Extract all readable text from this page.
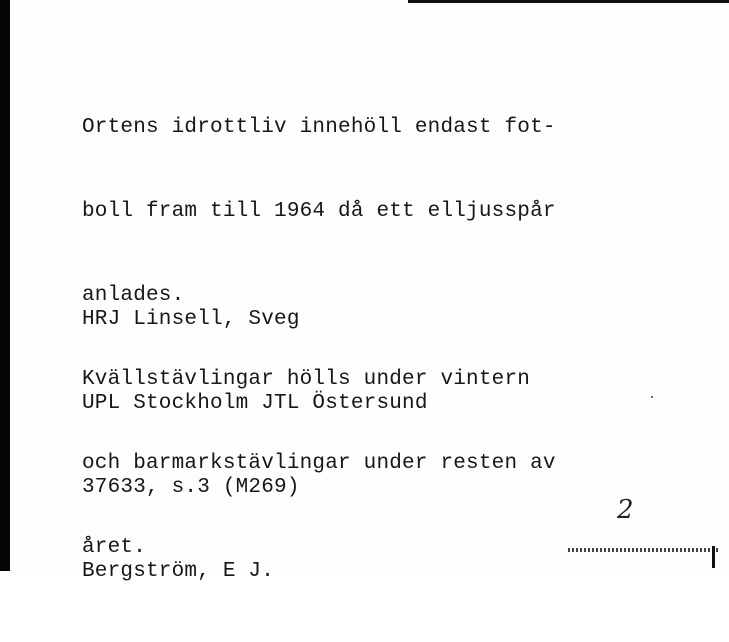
Ortens idrottliv innehöll endast fot-

boll fram till 1964 då ett elljusspår

anlades.

Kvällstävlingar hölls under vintern

och barmarkstävlingar under resten av

året.

HRJ Linsell, Sveg

UPL Stockholm JTL Östersund

37633, s.3 (M269)

Bergström, E J.

2
